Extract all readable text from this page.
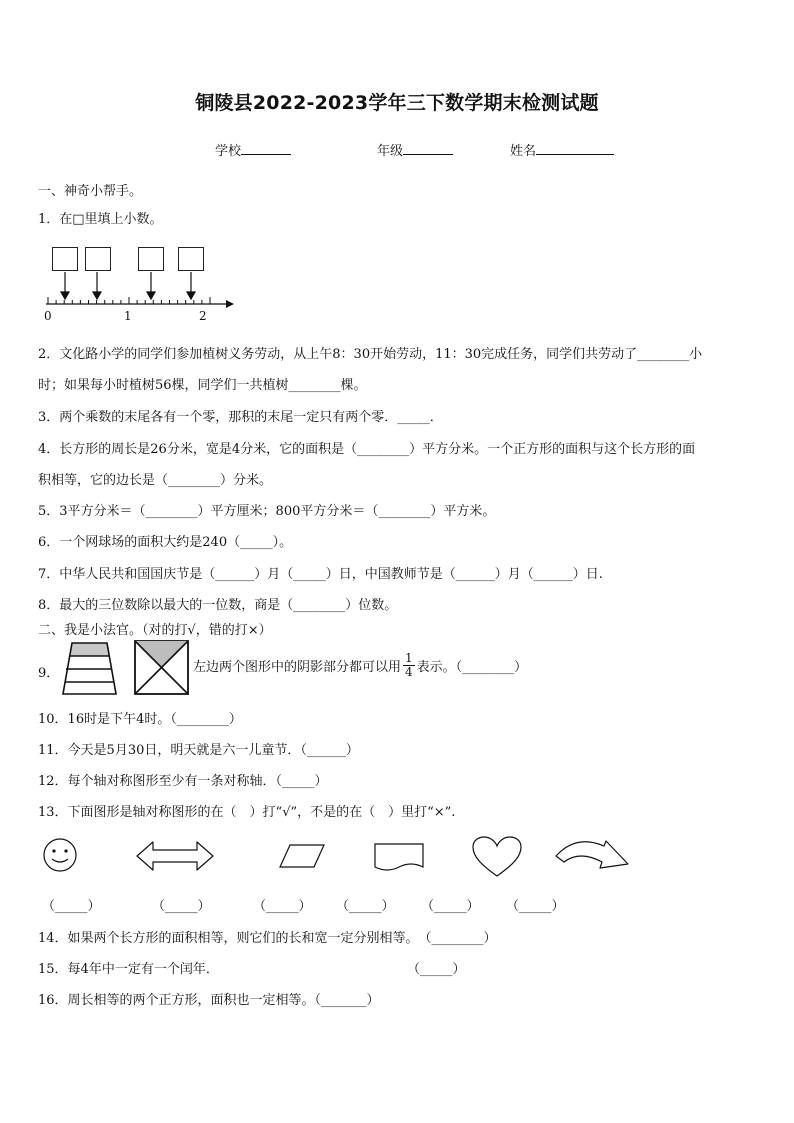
铜陵县2022-2023学年三下数学期末检测试题
学校	年级	姓名
一、神奇小帮手。
1．在□里填上小数。
0	1	2
2．文化路小学的同学们参加植树义务劳动，从上午8：30开始劳动，11：30完成任务，同学们共劳动了________小
时；如果每小时植树56棵，同学们一共植树________棵。
3．两个乘数的末尾各有一个零，那积的末尾一定只有两个零．_____．
4．长方形的周长是26分米，宽是4分米，它的面积是（________）平方分米。一个正方形的面积与这个长方形的面
积相等，它的边长是（________）分米。
5．3平方分米＝（________）平方厘米；800平方分米＝（________）平方米。
6．一个网球场的面积大约是240（_____）。
7．中华人民共和国国庆节是（______）月（_____）日，中国教师节是（______）月（______）日.
8．最大的三位数除以最大的一位数，商是（________）位数。
二、我是小法官。（对的打√，错的打×）
9．	左边两个图形中的阴影部分都可以用 $\frac{1}{4}$ 表示。（________）
10．16时是下午4时。（________）
11．今天是5月30日，明天就是六一儿童节．（______）
12．每个轴对称图形至少有一条对称轴．（_____）
13．下面图形是轴对称图形的在（　）打“√”，不是的在（　）里打“×”.
（_____）	（_____）	（_____） （_____） （_____） （_____）
14．如果两个长方形的面积相等，则它们的长和宽一定分别相等。　（________）
15．每4年中一定有一个闰年．	（_____）
16．周长相等的两个正方形，面积也一定相等。（_______）
